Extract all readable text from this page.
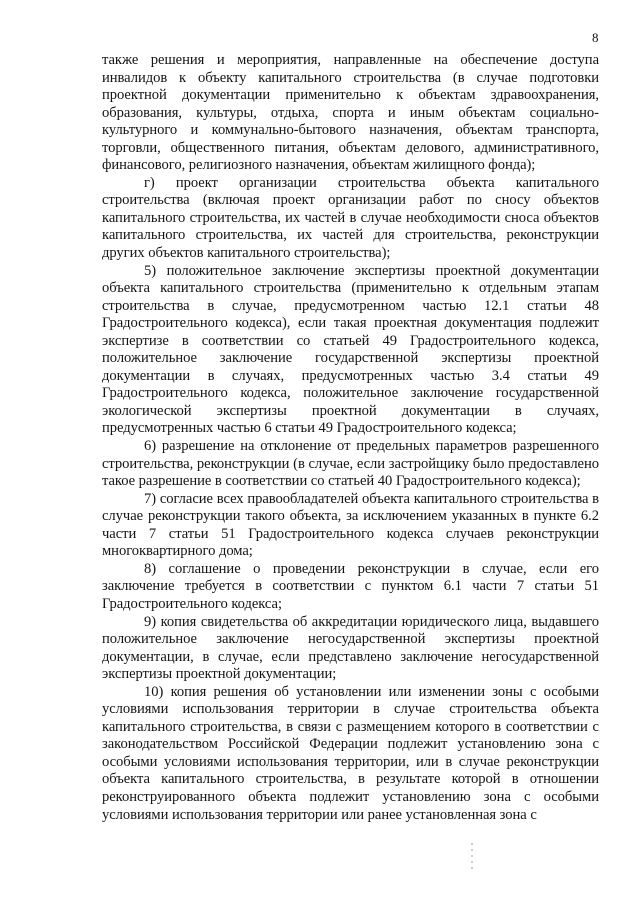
8

также решения и мероприятия, направленные на обеспечение доступа инвалидов к объекту капитального строительства (в случае подготовки проектной документации применительно к объектам здравоохранения, образования, культуры, отдыха, спорта и иным объектам социально-культурного и коммунально-бытового назначения, объектам транспорта, торговли, общественного питания, объектам делового, административного, финансового, религиозного назначения, объектам жилищного фонда);

г) проект организации строительства объекта капитального строительства (включая проект организации работ по сносу объектов капитального строительства, их частей в случае необходимости сноса объектов капитального строительства, их частей для строительства, реконструкции других объектов капитального строительства);

5) положительное заключение экспертизы проектной документации объекта капитального строительства (применительно к отдельным этапам строительства в случае, предусмотренном частью 12.1 статьи 48 Градостроительного кодекса), если такая проектная документация подлежит экспертизе в соответствии со статьей 49 Градостроительного кодекса, положительное заключение государственной экспертизы проектной документации в случаях, предусмотренных частью 3.4 статьи 49 Градостроительного кодекса, положительное заключение государственной экологической экспертизы проектной документации в случаях, предусмотренных частью 6 статьи 49 Градостроительного кодекса;

6) разрешение на отклонение от предельных параметров разрешенного строительства, реконструкции (в случае, если застройщику было предоставлено такое разрешение в соответствии со статьей 40 Градостроительного кодекса);

7) согласие всех правообладателей объекта капитального строительства в случае реконструкции такого объекта, за исключением указанных в пункте 6.2 части 7 статьи 51 Градостроительного кодекса случаев реконструкции многоквартирного дома;

8) соглашение о проведении реконструкции в случае, если его заключение требуется в соответствии с пунктом 6.1 части 7 статьи 51 Градостроительного кодекса;

9) копия свидетельства об аккредитации юридического лица, выдавшего положительное заключение негосударственной экспертизы проектной документации, в случае, если представлено заключение негосударственной экспертизы проектной документации;

10) копия решения об установлении или изменении зоны с особыми условиями использования территории в случае строительства объекта капитального строительства, в связи с размещением которого в соответствии с законодательством Российской Федерации подлежит установлению зона с особыми условиями использования территории, или в случае реконструкции объекта капитального строительства, в результате которой в отношении реконструированного объекта подлежит установлению зона с особыми условиями использования территории или ранее установленная зона с
